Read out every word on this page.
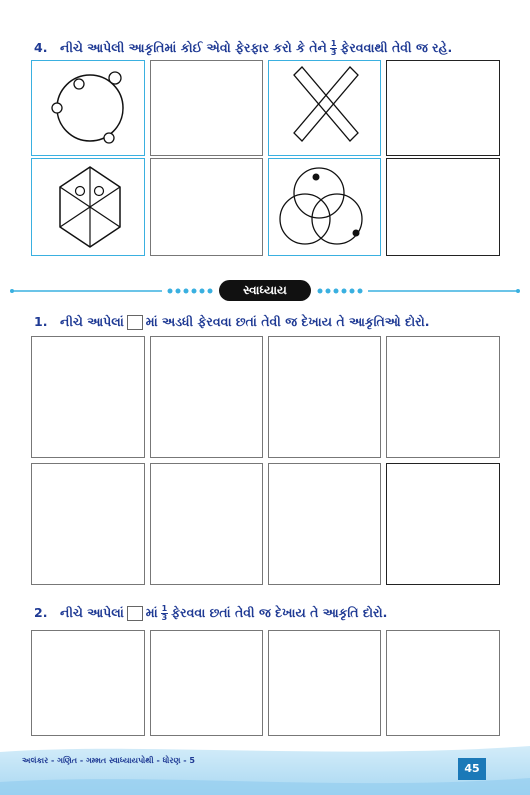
4. નીચે આપેલી આકૃતિમાં કોઈ એવો ફેરફાર કરો કે તેને $\frac{1}{3}$ ફેરવવાથી તેવી જ રહે.
સ્વાધ્યાય
1. નીચે આપેલાં માં અડધી ફેરવવા છતાં તેવી જ દેખાય તે આકૃતિઓ દોરો.
2. નીચે આપેલાં માં $\frac{1}{3}$ ફેરવવા છતાં તેવી જ દેખાય તે આકૃતિ દોરો.
અલંકાર - ગણિત - ગમ્મત સ્વાધ્યાયપોથી - ધોરણ - 5
45
